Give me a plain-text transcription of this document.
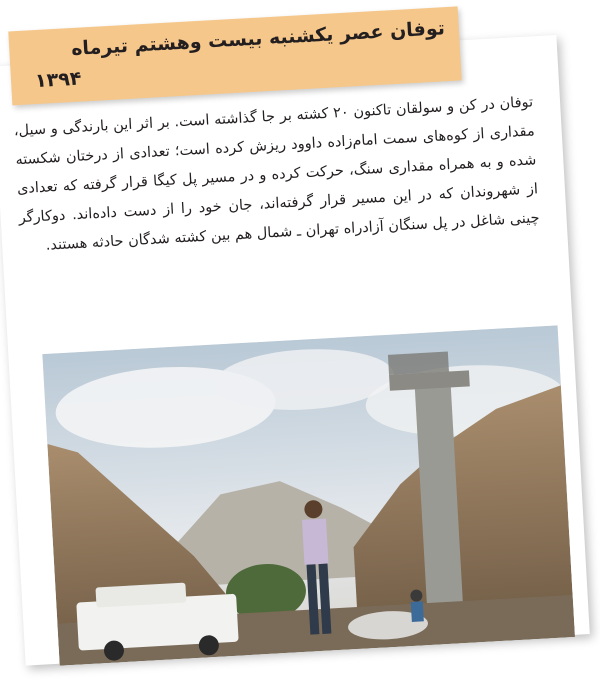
توفان عصر یکشنبه بیست وهشتم تیرماه
۱۳۹۴

توفان در کن و سولقان تاکنون ۲۰ کشته بر جا گذاشته است. بر اثر این بارندگی و سیل، مقداری از کوه‌های سمت امام‌زاده داوود ریزش کرده است؛ تعدادی از درختان شکسته شده و به همراه مقداری سنگ، حرکت کرده و در مسیر پل کیگا قرار گرفته که تعدادی از شهروندان که در این مسیر قرار گرفته‌اند، جان خود را از دست داده‌اند. دوکارگر چینی شاغل در پل سنگان آزادراه تهران ـ شمال هم بین کشته شدگان حادثه هستند.
